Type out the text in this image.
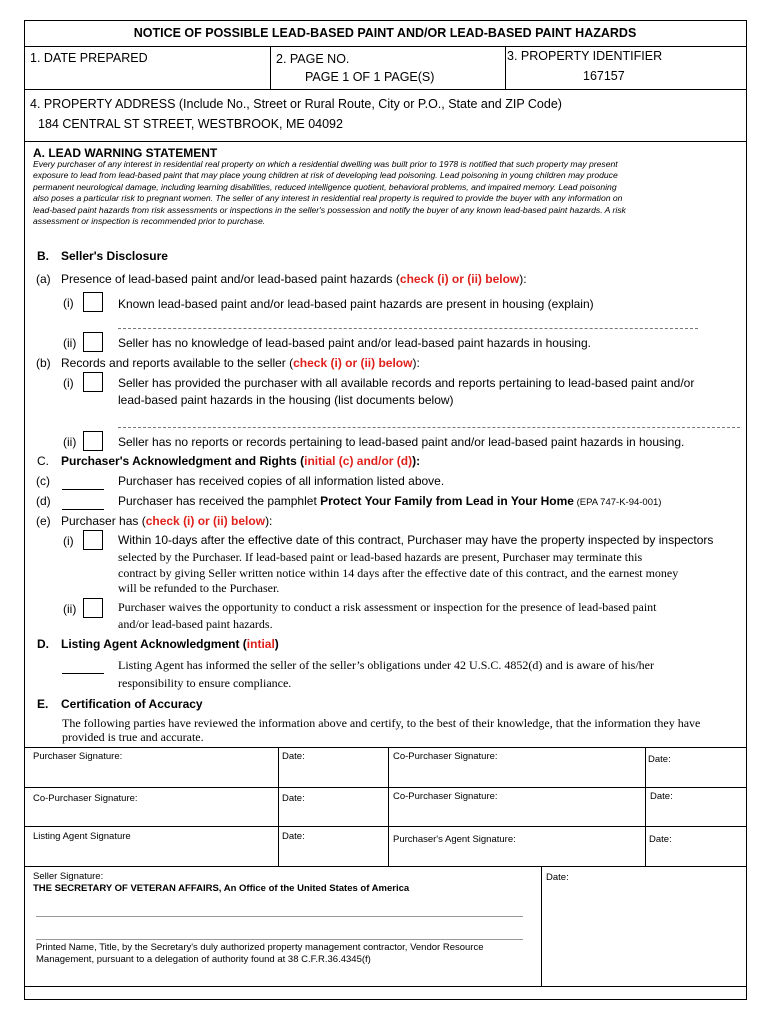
NOTICE OF POSSIBLE LEAD-BASED PAINT AND/OR LEAD-BASED PAINT HAZARDS
1. DATE PREPARED	2. PAGE NO.
PAGE 1 OF 1 PAGE(S)
3. PROPERTY IDENTIFIER
167157
4. PROPERTY ADDRESS (Include No., Street or Rural Route, City or P.O., State and ZIP Code)
184 CENTRAL ST STREET, WESTBROOK, ME 04092
A. LEAD WARNING STATEMENT
Every purchaser of any interest in residential real property on which a residential dwelling was built prior to 1978 is notified that such property may present
exposure to lead from lead-based paint that may place young children at risk of developing lead poisoning. Lead poisoning in young children may produce
permanent neurological damage, including learning disabilities, reduced intelligence quotient, behavioral problems, and impaired memory. Lead poisoning
also poses a particular risk to pregnant women. The seller of any interest in residential real property is required to provide the buyer with any information on
lead-based paint hazards from risk assessments or inspections in the seller's possession and notify the buyer of any known lead-based paint hazards. A risk
assessment or inspection is recommended prior to purchase.
B. Seller's Disclosure
(a) Presence of lead-based paint and/or lead-based paint hazards (check (i) or (ii) below):
(i)	Known lead-based paint and/or lead-based paint hazards are present in housing (explain)
(ii)	Seller has no knowledge of lead-based paint and/or lead-based paint hazards in housing.
(b) Records and reports available to the seller (check (i) or (ii) below):
(i)	Seller has provided the purchaser with all available records and reports pertaining to lead-based paint and/or
lead-based paint hazards in the housing (list documents below)
(ii)	Seller has no reports or records pertaining to lead-based paint and/or lead-based paint hazards in housing.
C. Purchaser's Acknowledgment and Rights (initial (c) and/or (d)):
(c)	Purchaser has received copies of all information listed above.
(d)	Purchaser has received the pamphlet Protect Your Family from Lead in Your Home (EPA 747-K-94-001)
(e) Purchaser has (check (i) or (ii) below):
(i)	Within 10-days after the effective date of this contract, Purchaser may have the property inspected by inspectors
selected by the Purchaser. If lead-based paint or lead-based hazards are present, Purchaser may terminate this
contract by giving Seller written notice within 14 days after the effective date of this contract, and the earnest money
will be refunded to the Purchaser.
(ii)	Purchaser waives the opportunity to conduct a risk assessment or inspection for the presence of lead-based paint
and/or lead-based paint hazards.
D. Listing Agent Acknowledgment (intial)
Listing Agent has informed the seller of the seller’s obligations under 42 U.S.C. 4852(d) and is aware of his/her
responsibility to ensure compliance.
E. Certification of Accuracy
The following parties have reviewed the information above and certify, to the best of their knowledge, that the information they have
provided is true and accurate.
Purchaser Signature:	Date:	Co-Purchaser Signature:	Date:
Co-Purchaser Signature:	Date:	Co-Purchaser Signature:	Date:
Listing Agent Signature	Date:	Purchaser's Agent Signature:	Date:
Seller Signature:
THE SECRETARY OF VETERAN AFFAIRS, An Office of the United States of America
Date:
Printed Name, Title, by the Secretary's duly authorized property management contractor, Vendor Resource
Management, pursuant to a delegation of authority found at 38 C.F.R.36.4345(f)
